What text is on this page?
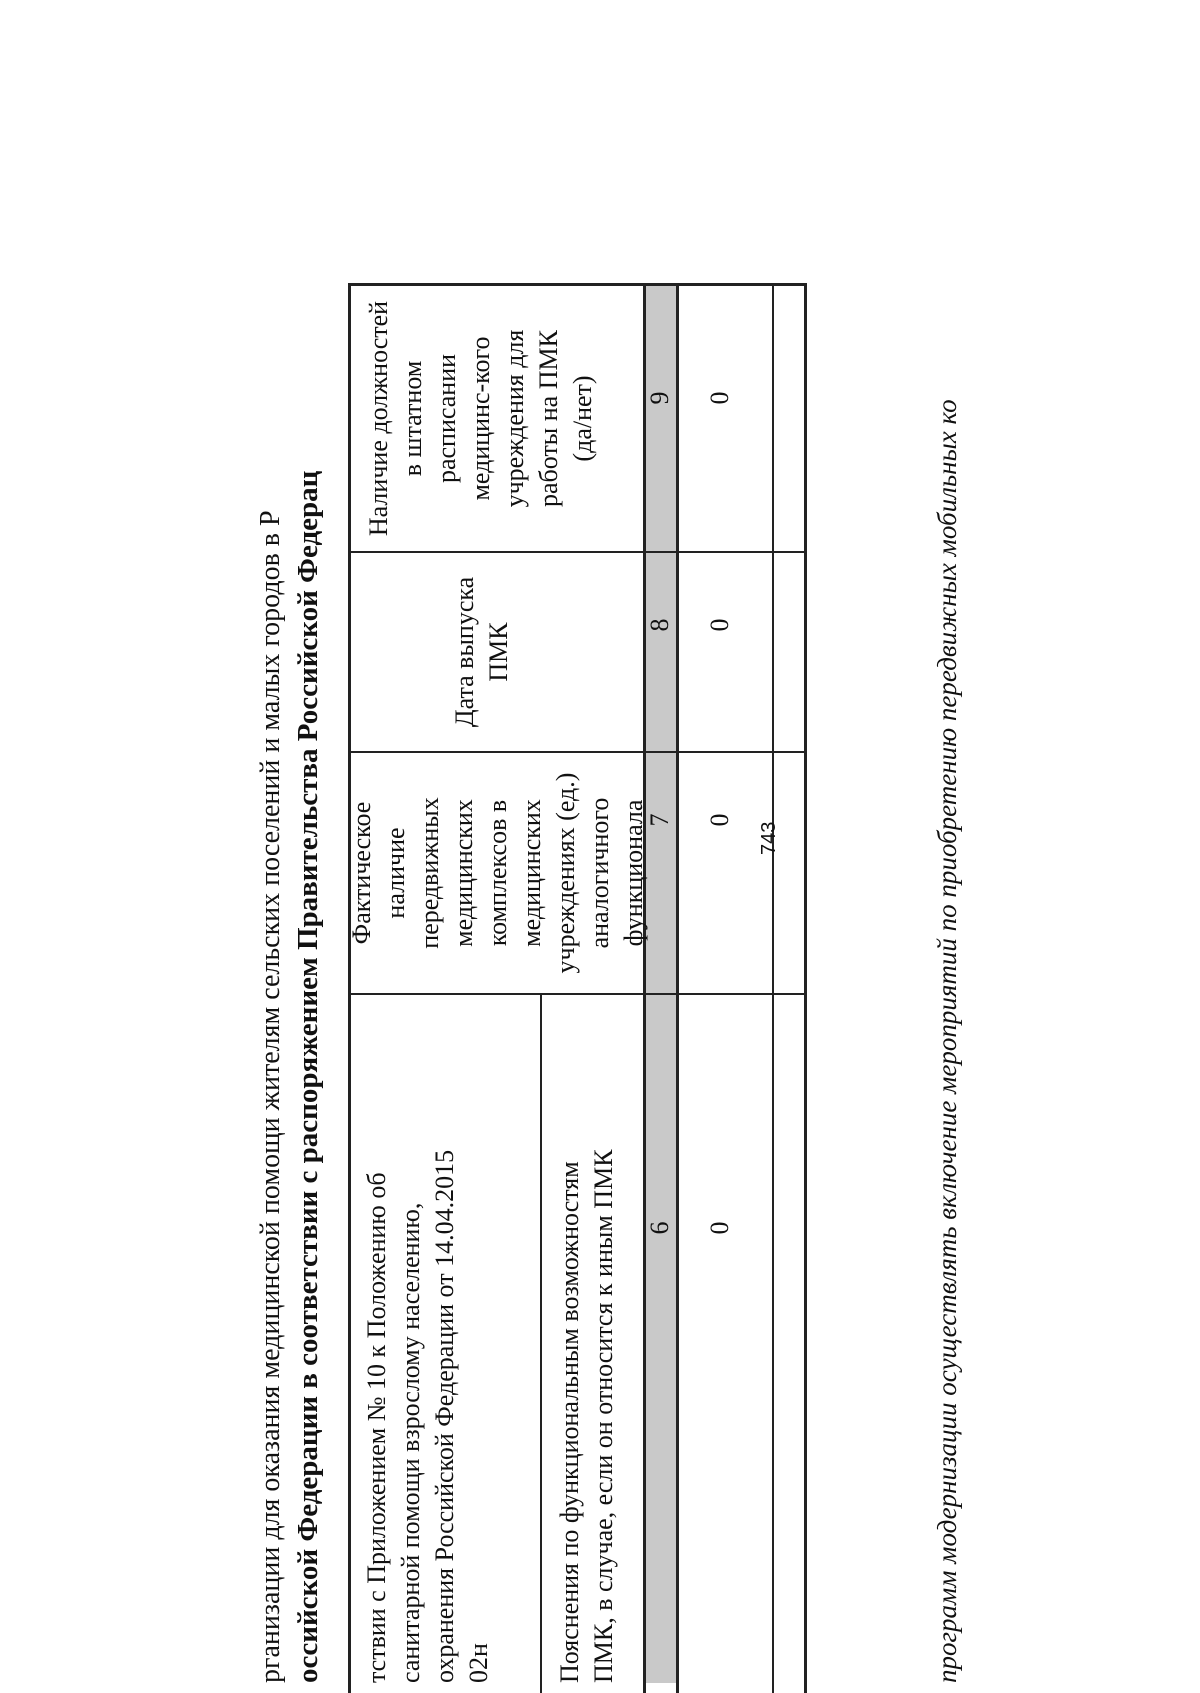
рганизации для оказания медицинской помощи жителям сельских поселений и малых городов в Р оссийской Федерации в соответствии с распоряжением Правительства Российской Федерац тствии с Приложением № 10 к Положению об санитарной помощи взрослому населению, охранения Российской Федерации от 14.04.2015 02н Пояснения по функциональным возможностям ПМК, в случае, если он относится к иным ПМК
Фактическое наличие передвижных медицинских комплексов в медицинских учреждениях (ед.) аналогичного функционала
Дата выпуска ПМК
Наличие должностей в штатном расписании медицинс-кого учреждения для работы на ПМК (да/нет)
6
7
8
9
0
0
0
0
743	программ модернизации осуществлять включение мероприятий по приобретению передвижных мобильных ко
